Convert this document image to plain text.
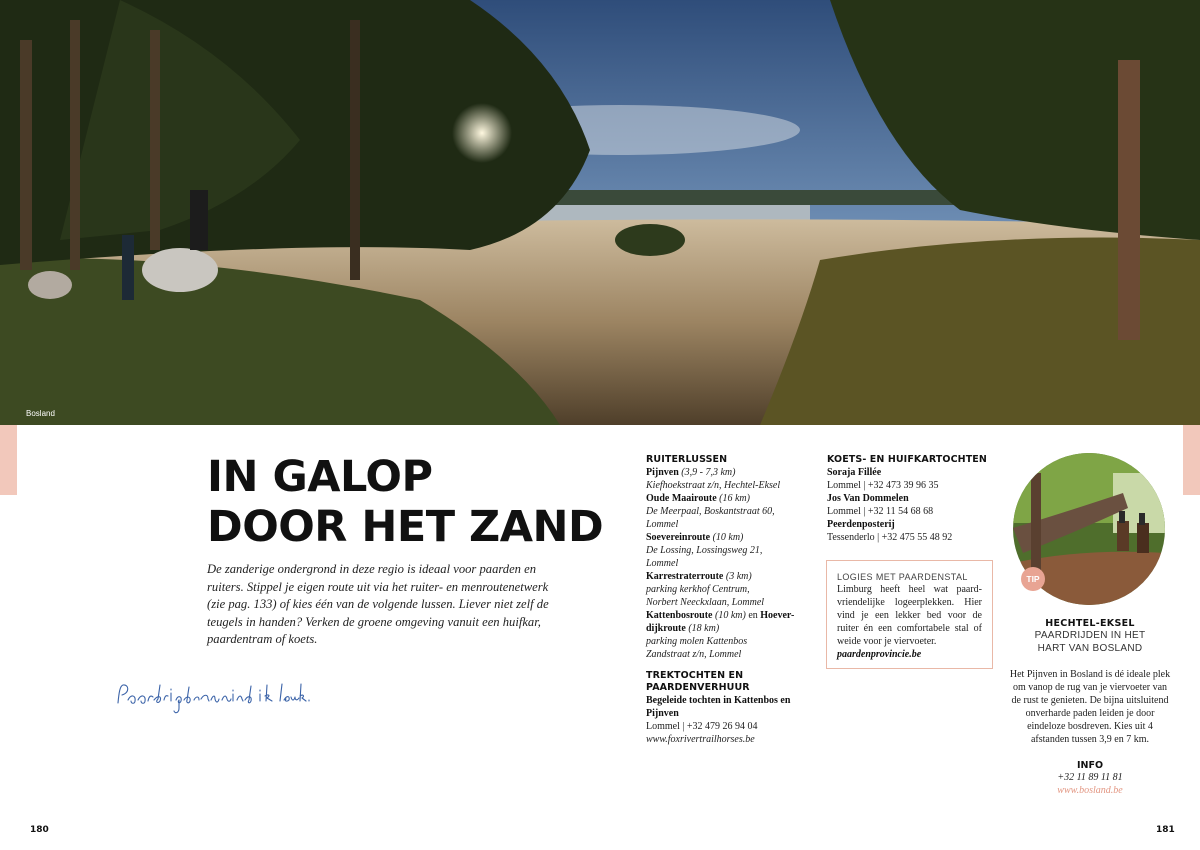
Bosland
IN GALOP
DOOR HET ZAND
De zanderige ondergrond in deze regio is ideaal voor paarden en ruiters. Stippel je eigen route uit via het ruiter- en menroutenetwerk (zie pag. 133) of kies één van de volgende lussen. Liever niet zelf de teugels in handen? Verken de groene omgeving vanuit een huifkar, paardentram of koets.
RUITERLUSSEN
Pijnven (3,9 - 7,3 km)
Kiefhoekstraat z/n, Hechtel-Eksel
Oude Maairoute (16 km)
De Meerpaal, Boskantstraat 60,
Lommel
Soevereinroute (10 km)
De Lossing, Lossingsweg 21,
Lommel
Karrestraterroute (3 km)
parking kerkhof Centrum,
Norbert Neeckxlaan, Lommel
Kattenbosroute (10 km) en Hoever-
dijkroute (18 km)
parking molen Kattenbos
Zandstraat z/n, Lommel
TREKTOCHTEN EN
PAARDENVERHUUR
Begeleide tochten in Kattenbos en
Pijnven
Lommel | +32 479 26 94 04
www.foxrivertrailhorses.be
KOETS- EN HUIFKARTOCHTEN
Soraja Fillée
Lommel | +32 473 39 96 35
Jos Van Dommelen
Lommel | +32 11 54 68 68
Peerdenposterij
Tessenderlo | +32 475 55 48 92
LOGIES MET PAARDENSTAL
Limburg heeft heel wat paardvriendelijke logeerplekken. Hier vind je een lekker bed voor de ruiter én een comfortabele stal of weide voor je viervoeter.
paardenprovincie.be
TIP
HECHTEL-EKSEL
PAARDRIJDEN IN HET
HART VAN BOSLAND
Het Pijnven in Bosland is dé ideale plek om vanop de rug van je viervoeter van de rust te genieten. De bijna uitsluitend onverharde paden leiden je door eindeloze bosdreven. Kies uit 4 afstanden tussen 3,9 en 7 km.
INFO
+32 11 89 11 81
www.bosland.be
180	181
